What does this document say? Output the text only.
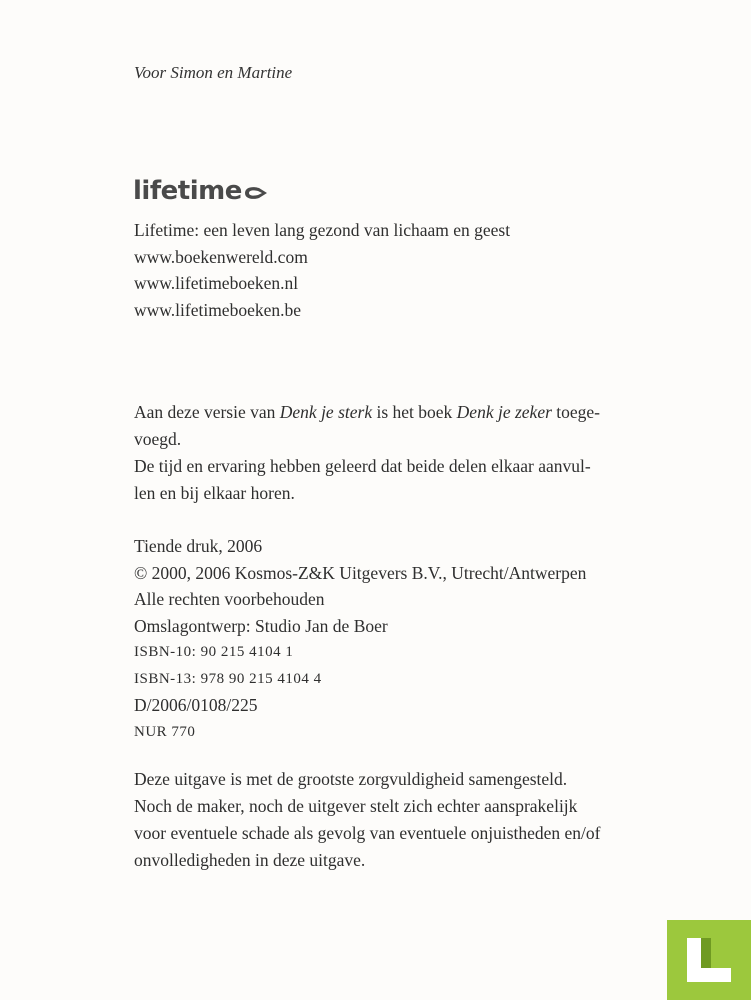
Voor Simon en Martine
lifetime

Lifetime: een leven lang gezond van lichaam en geest

www.boekenwereld.com

www.lifetimeboeken.nl

www.lifetimeboeken.be

Aan deze versie van Denk je sterk is het boek Denk je zeker toege-

voegd.

De tijd en ervaring hebben geleerd dat beide delen elkaar aanvul-

len en bij elkaar horen.

Tiende druk, 2006

© 2000, 2006 Kosmos-Z&K Uitgevers B.V., Utrecht/Antwerpen

Alle rechten voorbehouden

Omslagontwerp: Studio Jan de Boer

ISBN-10: 90 215 4104 1

ISBN-13: 978 90 215 4104 4

D/2006/0108/225

NUR 770

Deze uitgave is met de grootste zorgvuldigheid samengesteld.

Noch de maker, noch de uitgever stelt zich echter aansprakelijk

voor eventuele schade als gevolg van eventuele onjuistheden en/of

onvolledigheden in deze uitgave.
